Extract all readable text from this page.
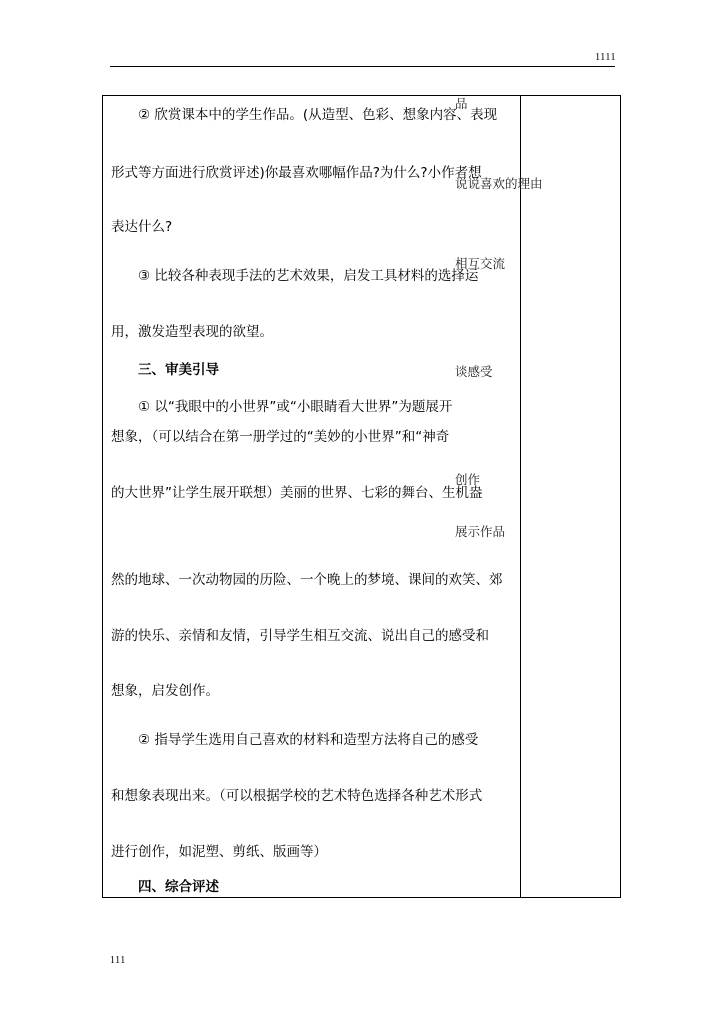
1111
② 欣赏课本中的学生作品。(从造型、色彩、想象内容、表现
形式等方面进行欣赏评述)你最喜欢哪幅作品?为什么?小作者想
表达什么?
③ 比较各种表现手法的艺术效果，启发工具材料的选择运
用，激发造型表现的欲望。
三、审美引导
① 以“我眼中的小世界”或“小眼睛看大世界”为题展开
想象，（可以结合在第一册学过的“美妙的小世界”和“神奇
的大世界”让学生展开联想）美丽的世界、七彩的舞台、生机盎
然的地球、一次动物园的历险、一个晚上的梦境、课间的欢笑、郊
游的快乐、亲情和友情，引导学生相互交流、说出自己的感受和
想象，启发创作。
② 指导学生选用自己喜欢的材料和造型方法将自己的感受
和想象表现出来。（可以根据学校的艺术特色选择各种艺术形式
进行创作，如泥塑、剪纸、版画等）
四、综合评述
品
说说喜欢的理由
相互交流
谈感受
创作
展示作品
111
